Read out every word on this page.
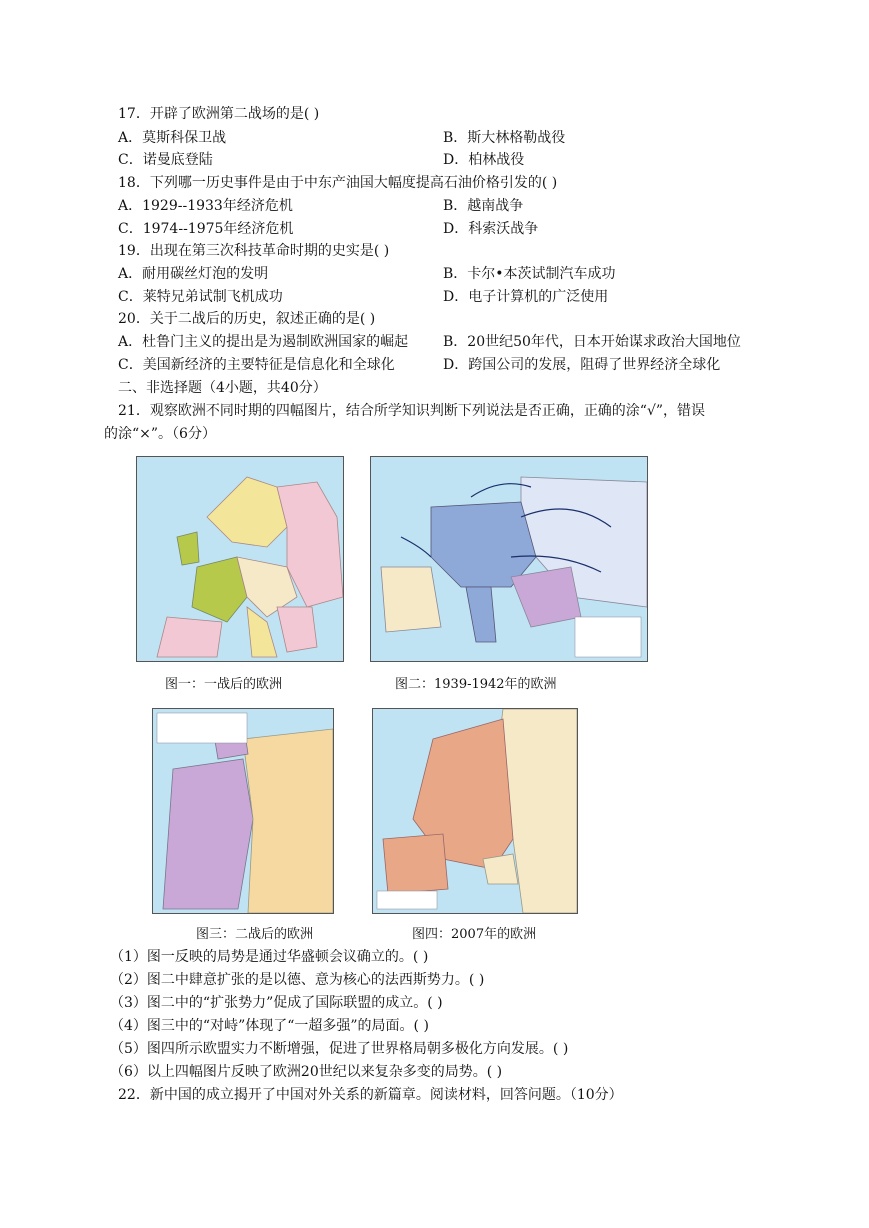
17．开辟了欧洲第二战场的是( )
A．莫斯科保卫战	B．斯大林格勒战役
C．诺曼底登陆	D．柏林战役
18．下列哪一历史事件是由于中东产油国大幅度提高石油价格引发的( )
A．1929--1933年经济危机	B．越南战争
C．1974--1975年经济危机	D．科索沃战争
19．出现在第三次科技革命时期的史实是( )
A．耐用碳丝灯泡的发明	B．卡尔•本茨试制汽车成功
C．莱特兄弟试制飞机成功	D．电子计算机的广泛使用
20．关于二战后的历史，叙述正确的是( )
A．杜鲁门主义的提出是为遏制欧洲国家的崛起 B．20世纪50年代，日本开始谋求政治大国地位
C．美国新经济的主要特征是信息化和全球化	D．跨国公司的发展，阻碍了世界经济全球化
二、非选择题（4小题，共40分）
21．观察欧洲不同时期的四幅图片，结合所学知识判断下列说法是否正确，正确的涂“√”，错误
的涂“×”。（6分）
图一：一战后的欧洲	图二：1939-1942年的欧洲
图三：二战后的欧洲	图四：2007年的欧洲
（1）图一反映的局势是通过华盛顿会议确立的。( )
（2）图二中肆意扩张的是以德、意为核心的法西斯势力。( )
（3）图二中的“扩张势力”促成了国际联盟的成立。( )
（4）图三中的“对峙”体现了“一超多强”的局面。( )
（5）图四所示欧盟实力不断增强，促进了世界格局朝多极化方向发展。( )
（6）以上四幅图片反映了欧洲20世纪以来复杂多变的局势。( )
22．新中国的成立揭开了中国对外关系的新篇章。阅读材料，回答问题。（10分）
